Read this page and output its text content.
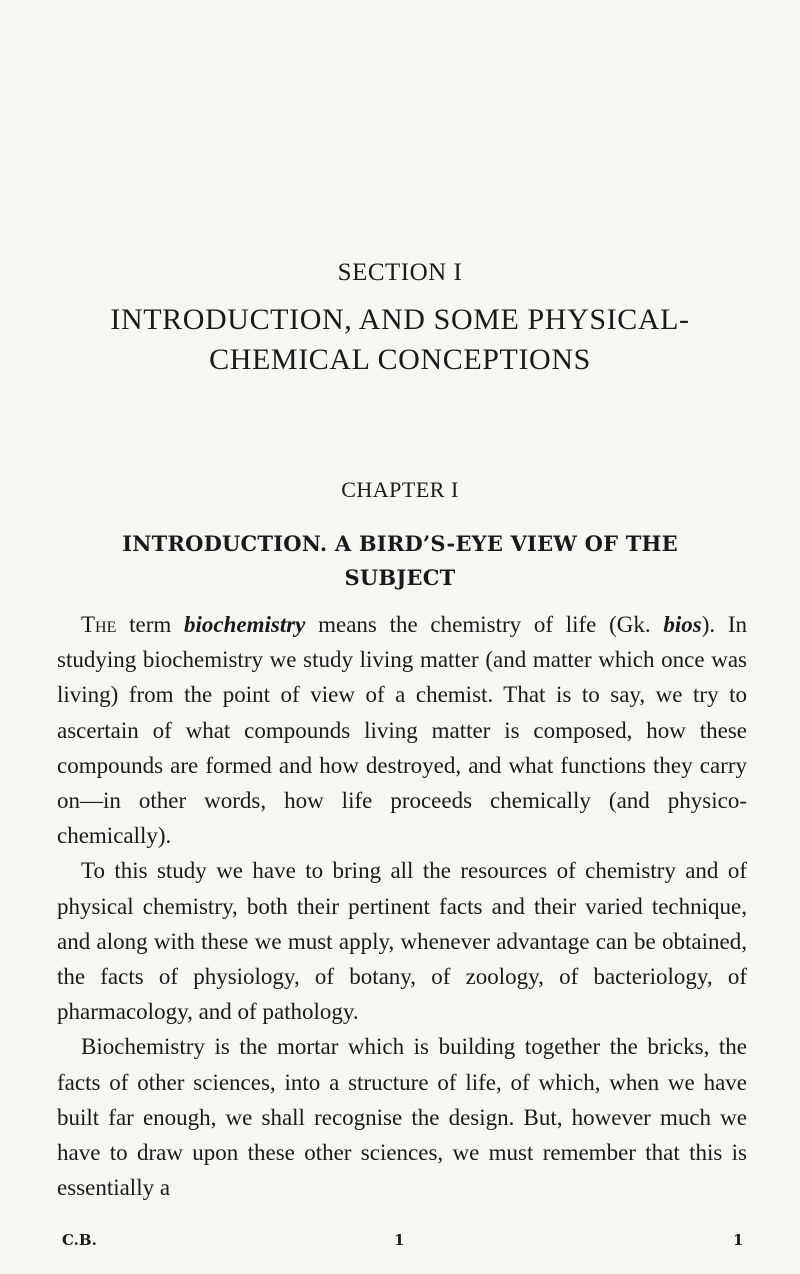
SECTION I
INTRODUCTION, AND SOME PHYSICAL-
CHEMICAL CONCEPTIONS
CHAPTER I
INTRODUCTION. A BIRD’S-EYE VIEW OF THE
SUBJECT

The term biochemistry means the chemistry of life (Gk. bios). In studying biochemistry we study living matter (and matter which once was living) from the point of view of a chemist. That is to say, we try to ascertain of what compounds living matter is composed, how these compounds are formed and how destroyed, and what functions they carry on—in other words, how life proceeds chemically (and physico-chemically).

To this study we have to bring all the resources of chemistry and of physical chemistry, both their pertinent facts and their varied technique, and along with these we must apply, whenever advantage can be obtained, the facts of physiology, of botany, of zoology, of bacteriology, of pharmacology, and of pathology.

Biochemistry is the mortar which is building together the bricks, the facts of other sciences, into a structure of life, of which, when we have built far enough, we shall recognise the design. But, however much we have to draw upon these other sciences, we must remember that this is essentially a

C.B.	1	1
